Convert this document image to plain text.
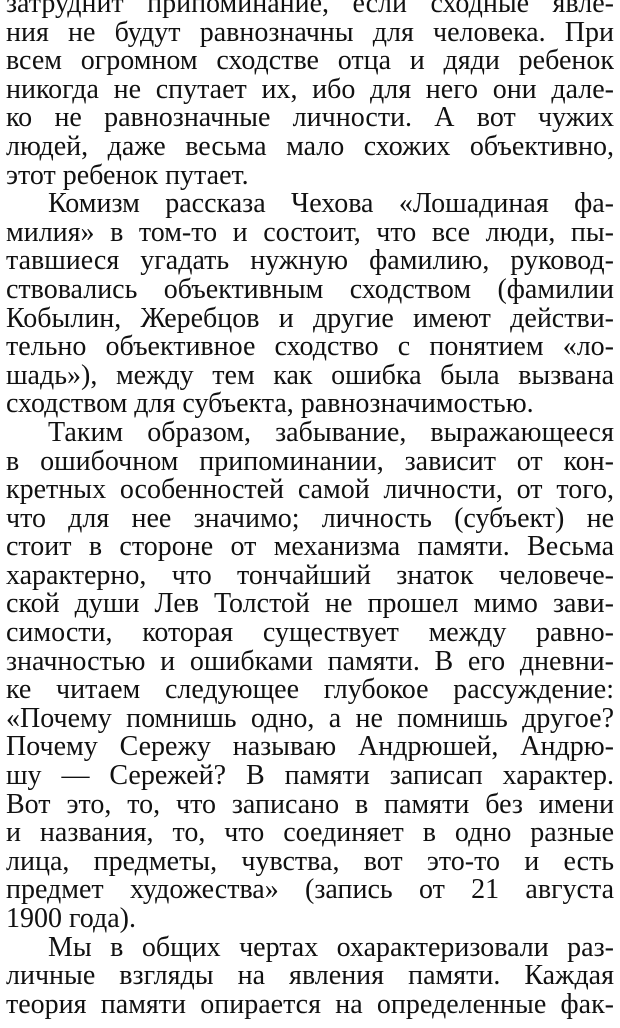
затруднит припоминание, если сходные явле-
ния не будут равнозначны для человека. При
всем огромном сходстве отца и дяди ребенок
никогда не спутает их, ибо для него они дале-
ко не равнозначные личности. А вот чужих
людей, даже весьма мало схожих объективно,
этот ребенок путает.
Комизм рассказа Чехова «Лошадиная фа-
милия» в том-то и состоит, что все люди, пы-
тавшиеся угадать нужную фамилию, руковод-
ствовались объективным сходством (фамилии
Кобылин, Жеребцов и другие имеют действи-
тельно объективное сходство с понятием «ло-
шадь»), между тем как ошибка была вызвана
сходством для субъекта, равнозначимостью.
Таким образом, забывание, выражающееся
в ошибочном припоминании, зависит от кон-
кретных особенностей самой личности, от того,
что для нее значимо; личность (субъект) не
стоит в стороне от механизма памяти. Весьма
характерно, что тончайший знаток человече-
ской души Лев Толстой не прошел мимо зави-
симости, которая существует между равно-
значностью и ошибками памяти. В его дневни-
ке читаем следующее глубокое рассуждение:
«Почему помнишь одно, а не помнишь другое?
Почему Сережу называю Андрюшей, Андрю-
шу — Сережей? В памяти записап характер.
Вот это, то, что записано в памяти без имени
и названия, то, что соединяет в одно разные
лица, предметы, чувства, вот это-то и есть
предмет художества» (запись от 21 августа
1900 года).
Мы в общих чертах охарактеризовали раз-
личные взгляды на явления памяти. Каждая
теория памяти опирается на определенные фак-
